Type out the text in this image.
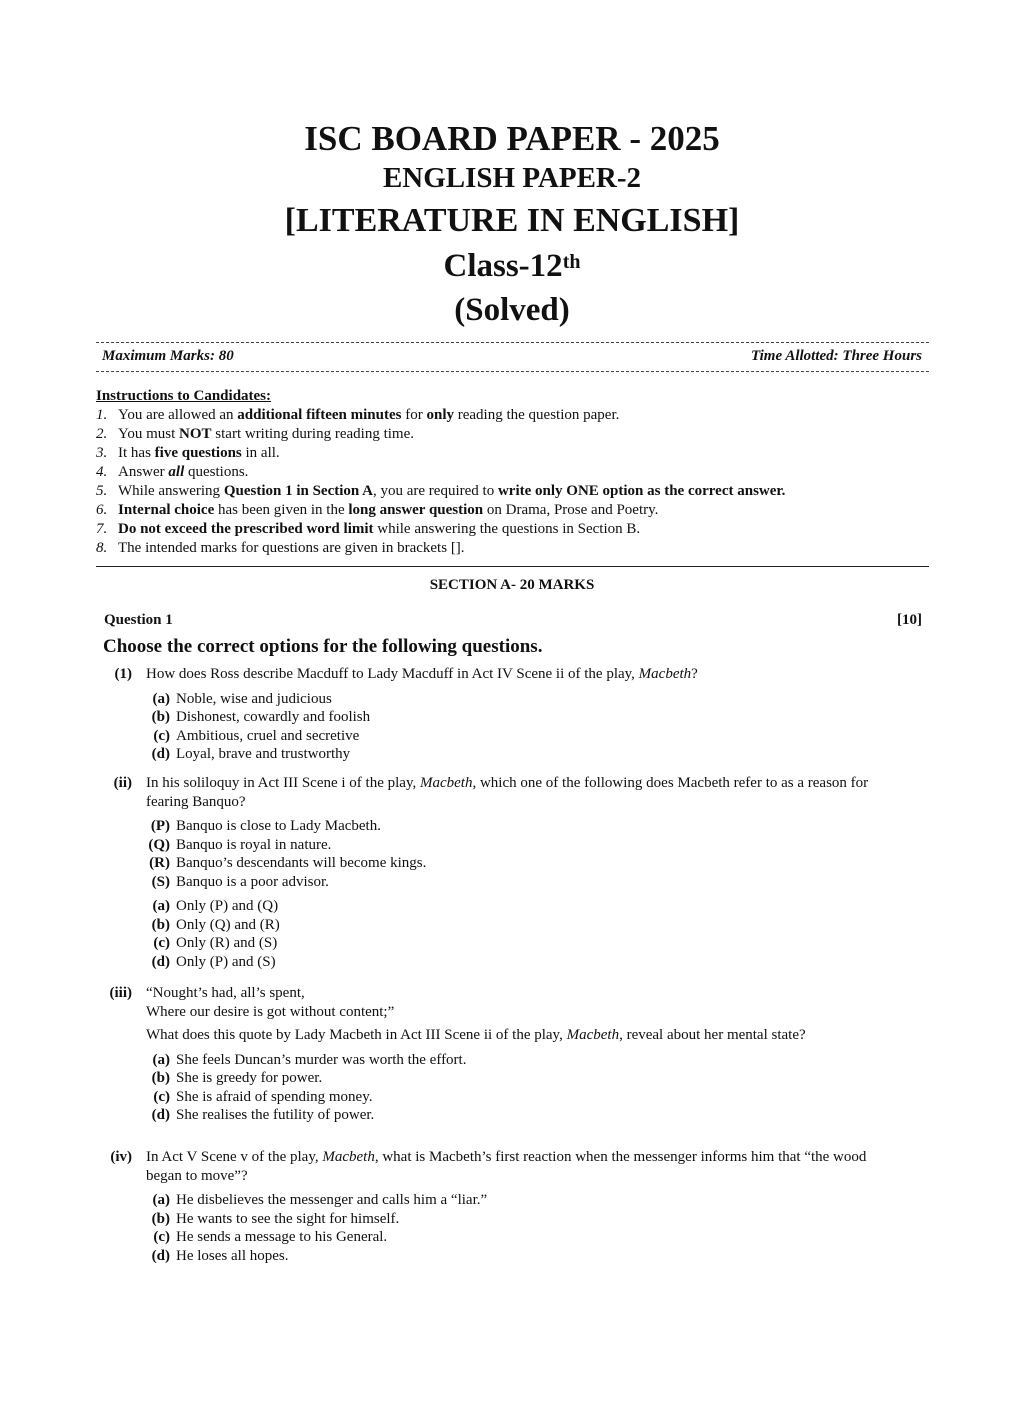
ISC BOARD PAPER - 2025
ENGLISH PAPER-2
[LITERATURE IN ENGLISH]
Class-12th
(Solved)
Maximum Marks: 80	Time Allotted: Three Hours
Instructions to Candidates:
1. You are allowed an additional fifteen minutes for only reading the question paper.
2. You must NOT start writing during reading time.
3. It has five questions in all.
4. Answer all questions.
5. While answering Question 1 in Section A, you are required to write only ONE option as the correct answer.
6. Internal choice has been given in the long answer question on Drama, Prose and Poetry.
7. Do not exceed the prescribed word limit while answering the questions in Section B.
8. The intended marks for questions are given in brackets [].
SECTION A- 20 MARKS
Question 1	[10]
Choose the correct options for the following questions.
(1) How does Ross describe Macduff to Lady Macduff in Act IV Scene ii of the play, Macbeth?
(a) Noble, wise and judicious
(b) Dishonest, cowardly and foolish
(c) Ambitious, cruel and secretive
(d) Loyal, brave and trustworthy
(ii) In his soliloquy in Act III Scene i of the play, Macbeth, which one of the following does Macbeth refer to as a reason for fearing Banquo?
(P) Banquo is close to Lady Macbeth.
(Q) Banquo is royal in nature.
(R) Banquo’s descendants will become kings.
(S) Banquo is a poor advisor.
(a) Only (P) and (Q)
(b) Only (Q) and (R)
(c) Only (R) and (S)
(d) Only (P) and (S)
(iii) “Nought’s had, all’s spent,
Where our desire is got without content;”
What does this quote by Lady Macbeth in Act III Scene ii of the play, Macbeth, reveal about her mental state?
(a) She feels Duncan’s murder was worth the effort.
(b) She is greedy for power.
(c) She is afraid of spending money.
(d) She realises the futility of power.
(iv) In Act V Scene v of the play, Macbeth, what is Macbeth’s first reaction when the messenger informs him that “the wood began to move”?
(a) He disbelieves the messenger and calls him a “liar.”
(b) He wants to see the sight for himself.
(c) He sends a message to his General.
(d) He loses all hopes.
